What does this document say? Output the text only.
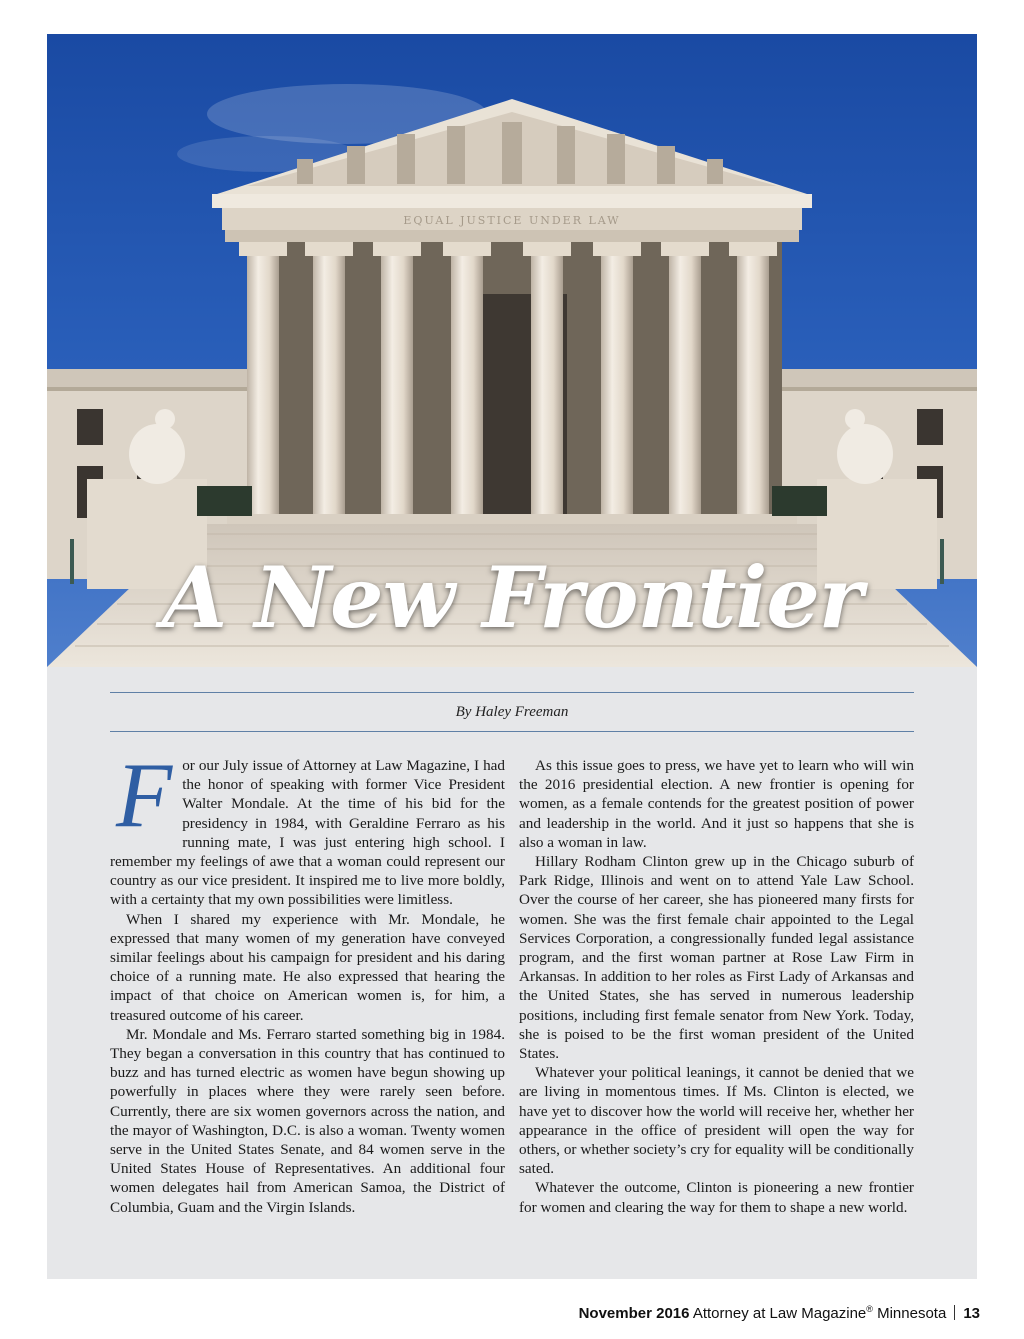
EQUAL JUSTICE UNDER LAW
A New Frontier
By Haley Freeman

For our July issue of Attorney at Law Magazine, I had the honor of speaking with former Vice President Walter Mondale. At the time of his bid for the presidency in 1984, with Geraldine Ferraro as his running mate, I was just entering high school. I remember my feelings of awe that a woman could represent our country as our vice president. It inspired me to live more boldly, with a certainty that my own possibilities were limitless.

When I shared my experience with Mr. Mondale, he expressed that many women of my generation have conveyed similar feelings about his campaign for president and his daring choice of a running mate. He also expressed that hearing the impact of that choice on American women is, for him, a treasured outcome of his career.

Mr. Mondale and Ms. Ferraro started something big in 1984. They began a conversation in this country that has continued to buzz and has turned electric as women have begun showing up powerfully in places where they were rarely seen before. Currently, there are six women governors across the nation, and the mayor of Washington, D.C. is also a woman. Twenty women serve in the United States Senate, and 84 women serve in the United States House of Representatives. An additional four women delegates hail from American Samoa, the District of Columbia, Guam and the Virgin Islands.

As this issue goes to press, we have yet to learn who will win the 2016 presidential election. A new frontier is opening for women, as a female contends for the greatest position of power and leadership in the world. And it just so happens that she is also a woman in law.

Hillary Rodham Clinton grew up in the Chicago suburb of Park Ridge, Illinois and went on to attend Yale Law School. Over the course of her career, she has pioneered many firsts for women. She was the first female chair appointed to the Legal Services Corporation, a congressionally funded legal assistance program, and the first woman partner at Rose Law Firm in Arkansas. In addition to her roles as First Lady of Arkansas and the United States, she has served in numerous leadership positions, including first female senator from New York. Today, she is poised to be the first woman president of the United States.

Whatever your political leanings, it cannot be denied that we are living in momentous times. If Ms. Clinton is elected, we have yet to discover how the world will receive her, whether her appearance in the office of president will open the way for others, or whether society’s cry for equality will be conditionally sated.

Whatever the outcome, Clinton is pioneering a new frontier for women and clearing the way for them to shape a new world.

November 2016 Attorney at Law Magazine® Minnesota 13
